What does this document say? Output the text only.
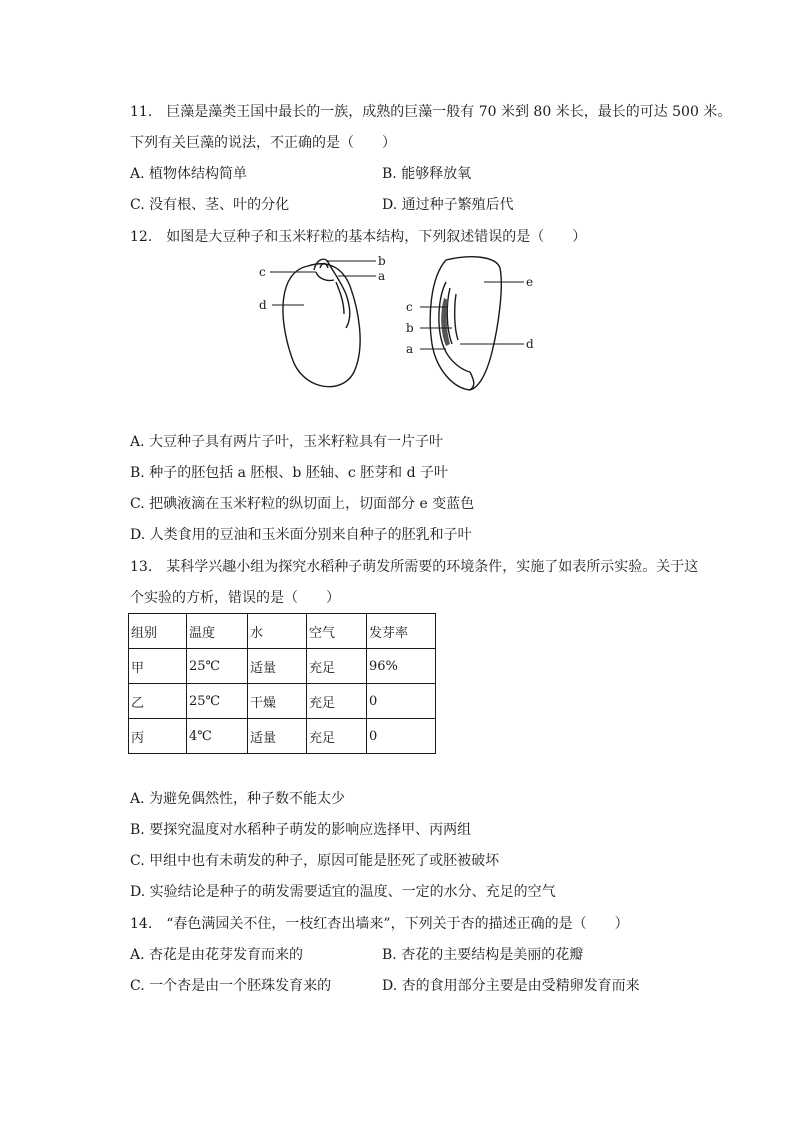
11.　巨藻是藻类王国中最长的一族，成熟的巨藻一般有 70 米到 80 米长，最长的可达 500 米。
下列有关巨藻的说法，不正确的是（　　）
A. 植物体结构简单	B. 能够释放氧
C. 没有根、茎、叶的分化	D. 通过种子繁殖后代
12.　如图是大豆种子和玉米籽粒的基本结构，下列叙述错误的是（　　）
b
c	a
d
e
c
b
a	d
A. 大豆种子具有两片子叶，玉米籽粒具有一片子叶
B. 种子的胚包括 a 胚根、b 胚轴、c 胚芽和 d 子叶
C. 把碘液滴在玉米籽粒的纵切面上，切面部分 e 变蓝色
D. 人类食用的豆油和玉米面分别来自种子的胚乳和子叶
13.　某科学兴趣小组为探究水稻种子萌发所需要的环境条件，实施了如表所示实验。关于这
个实验的方析，错误的是（　　）
组别	温度	水	空气	发芽率
甲	25℃	适量	充足	96%
乙	25℃	干燥	充足	0
丙	4℃	适量	充足	0
A. 为避免偶然性，种子数不能太少
B. 要探究温度对水稻种子萌发的影响应选择甲、丙两组
C. 甲组中也有未萌发的种子，原因可能是胚死了或胚被破坏
D. 实验结论是种子的萌发需要适宜的温度、一定的水分、充足的空气
14.　“春色满园关不住，一枝红杏出墙来”，下列关于杏的描述正确的是（　　）
A. 杏花是由花芽发育而来的	B. 杏花的主要结构是美丽的花瓣
C. 一个杏是由一个胚珠发育来的	D. 杏的食用部分主要是由受精卵发育而来
